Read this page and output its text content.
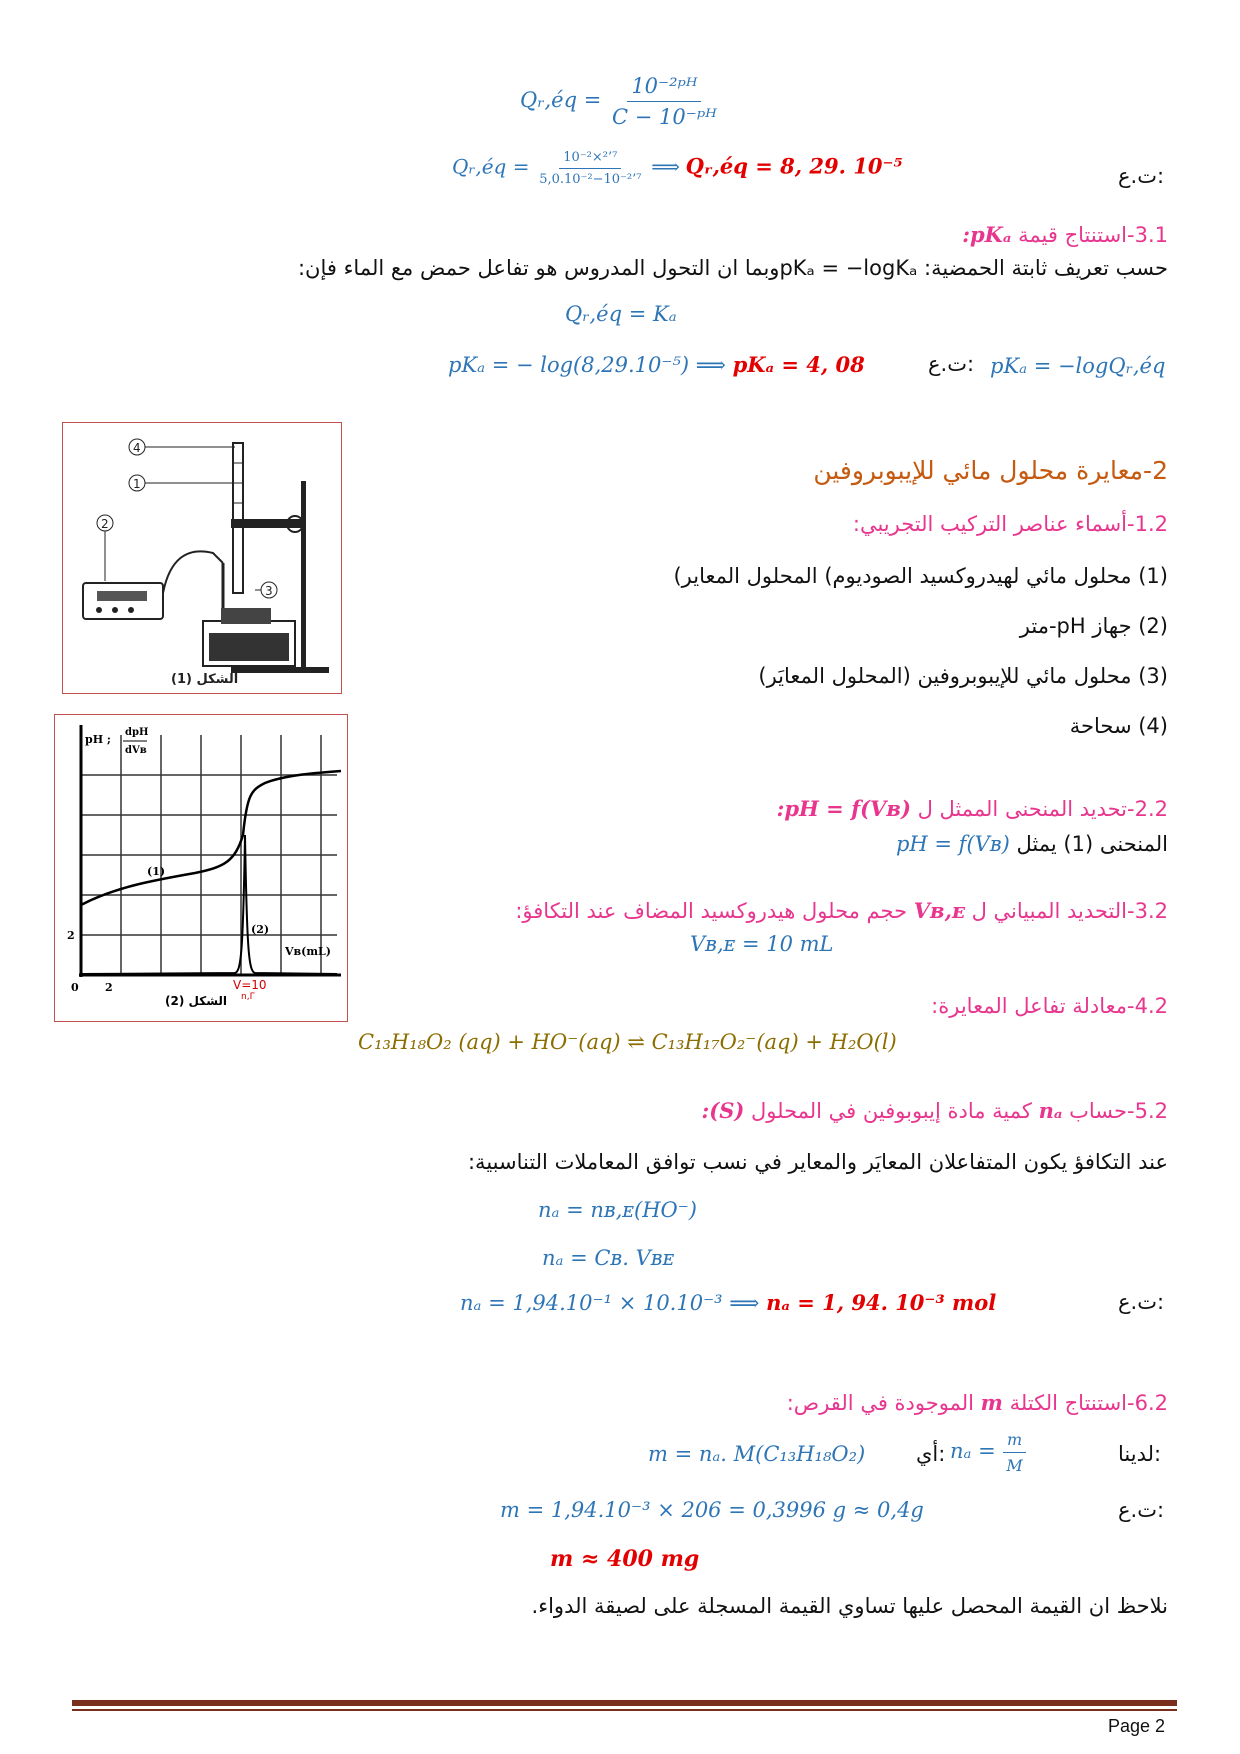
Qᵣ,éq = $\frac{\text{10⁻²ᵖᴴ}}{\text{C − 10⁻ᵖᴴ}}$
ت.ع:
Qᵣ,éq = $\frac{\text{10⁻²×²’⁷}}{\text{5,0.10⁻²−10⁻²’⁷}}$ ⟹ Qᵣ,éq = 8, 29. 10⁻⁵
3.1-استنتاج قيمة pKₐ:
حسب تعريف ثابتة الحمضية: pKₐ = −logKₐوبما ان التحول المدروس هو تفاعل حمض مع الماء فإن:
Qᵣ,éq = Kₐ
pKₐ = − log(8,29.10⁻⁵) ⟹ pKₐ = 4, 08	ت.ع: pKₐ = −logQᵣ,éq
4
1
2
3
الشكل (1)
pH ;
dpH
dVʙ
(1)
(2)
Vʙ(mL)
2
0 2	V=10
n,Γ
الشكل (2)
2-معايرة محلول مائي للإيبوبروفين
1.2-أسماء عناصر التركيب التجريبي:
(1) محلول مائي لهيدروكسيد الصوديوم) المحلول المعاير)
(2) جهاز pH-متر
(3) محلول مائي للإيبوبروفين (المحلول المعايَر)
(4) سحاحة
2.2-تحديد المنحنى الممثل ل pH = f(Vʙ):
المنحنى (1) يمثل pH = f(Vʙ)
3.2-التحديد المبياني ل Vʙ,ᴇ حجم محلول هيدروكسيد المضاف عند التكافؤ:
Vʙ,ᴇ = 10 mL
4.2-معادلة تفاعل المعايرة:
C₁₃H₁₈O₂ (aq) + HO⁻(aq) ⇌ C₁₃H₁₇O₂⁻(aq) + H₂O(l)
5.2-حساب nₐ كمية مادة إيبوبوفين في المحلول (S):
عند التكافؤ يكون المتفاعلان المعايَر والمعاير في نسب توافق المعاملات التناسبية:
nₐ = nʙ,ᴇ(HO⁻)
nₐ = Cʙ. Vʙᴇ
nₐ = 1,94.10⁻¹ × 10.10⁻³ ⟹ nₐ = 1, 94. 10⁻³ mol	ت.ع:
6.2-استنتاج الكتلة m الموجودة في القرص:
لدينا:
$n_a = \frac{m}{M}$
أي:
m = nₐ. M(C₁₃H₁₈O₂)
ت.ع:
m = 1,94.10⁻³ × 206 = 0,3996 g ≈ 0,4g
m ≈ 400 mg
نلاحظ ان القيمة المحصل عليها تساوي القيمة المسجلة على لصيقة الدواء.
Page 2
